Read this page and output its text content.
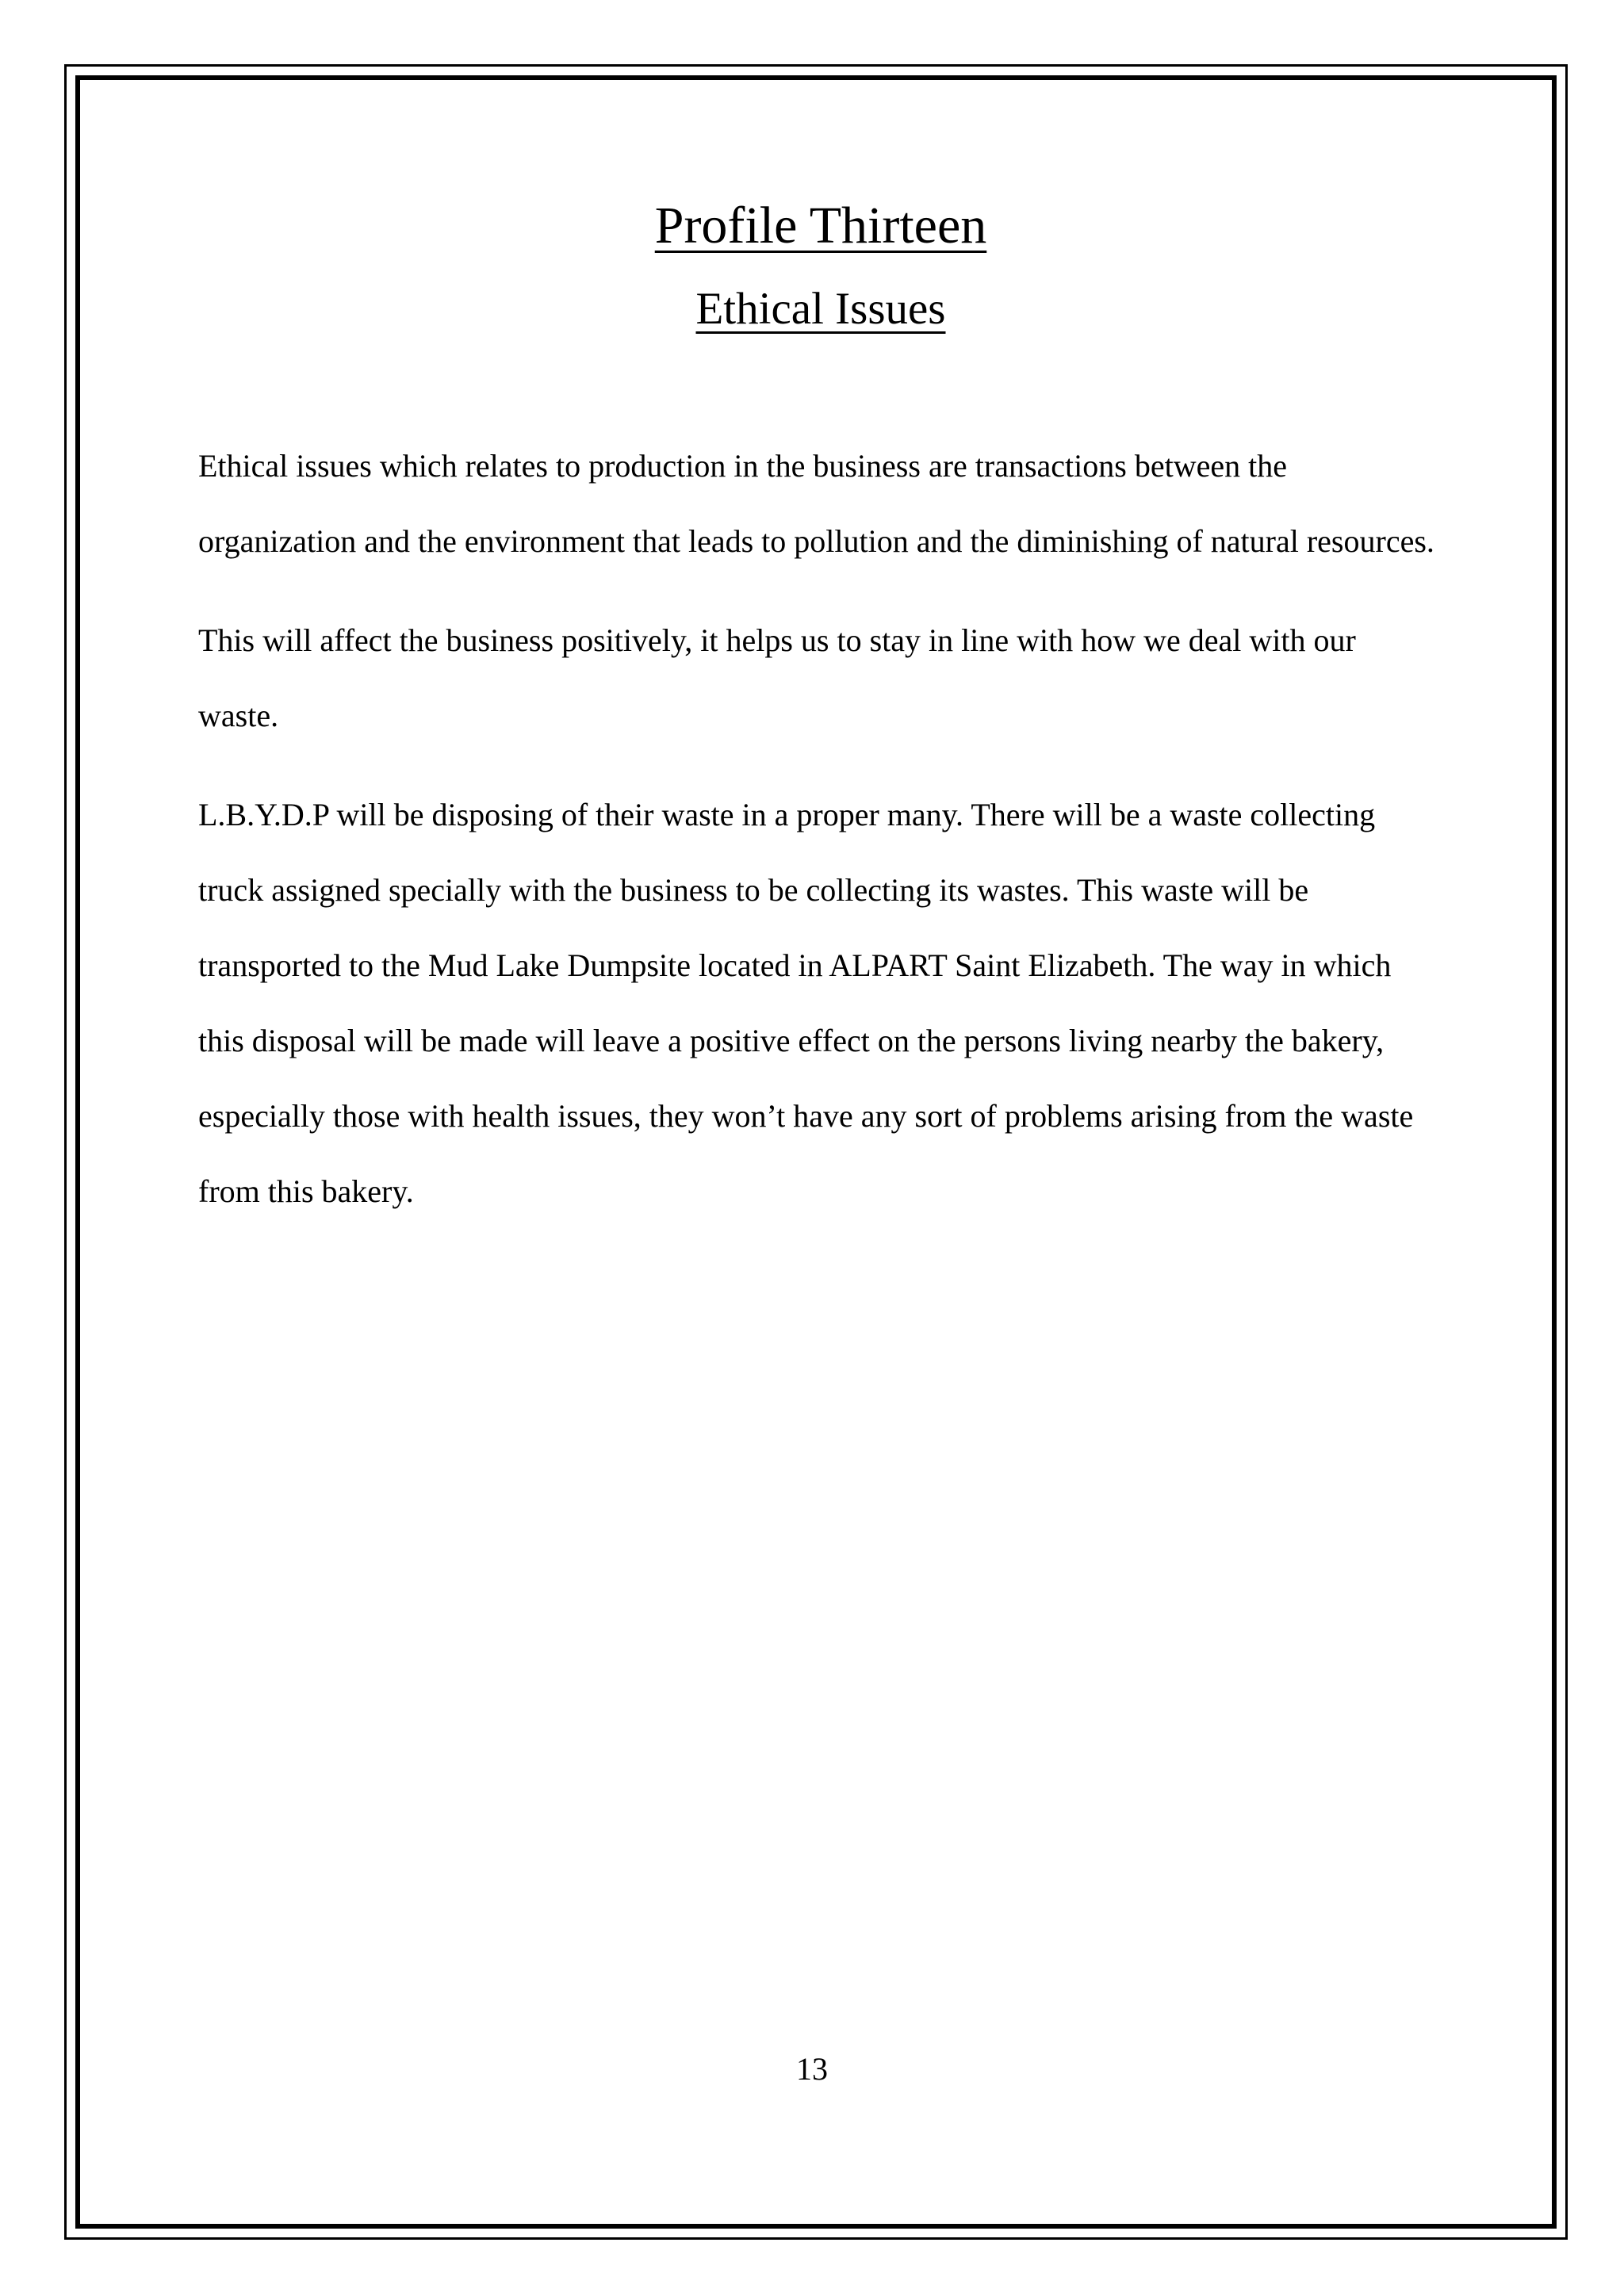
Profile Thirteen
Ethical Issues

Ethical issues which relates to production in the business are transactions between the organization and the environment that leads to pollution and the diminishing of natural resources.

This will affect the business positively, it helps us to stay in line with how we deal with our waste.

L.B.Y.D.P will be disposing of their waste in a proper many. There will be a waste collecting truck assigned specially with the business to be collecting its wastes. This waste will be transported to the Mud Lake Dumpsite located in ALPART Saint Elizabeth. The way in which this disposal will be made will leave a positive effect on the persons living nearby the bakery, especially those with health issues, they won’t have any sort of problems arising from the waste from this bakery.

13
